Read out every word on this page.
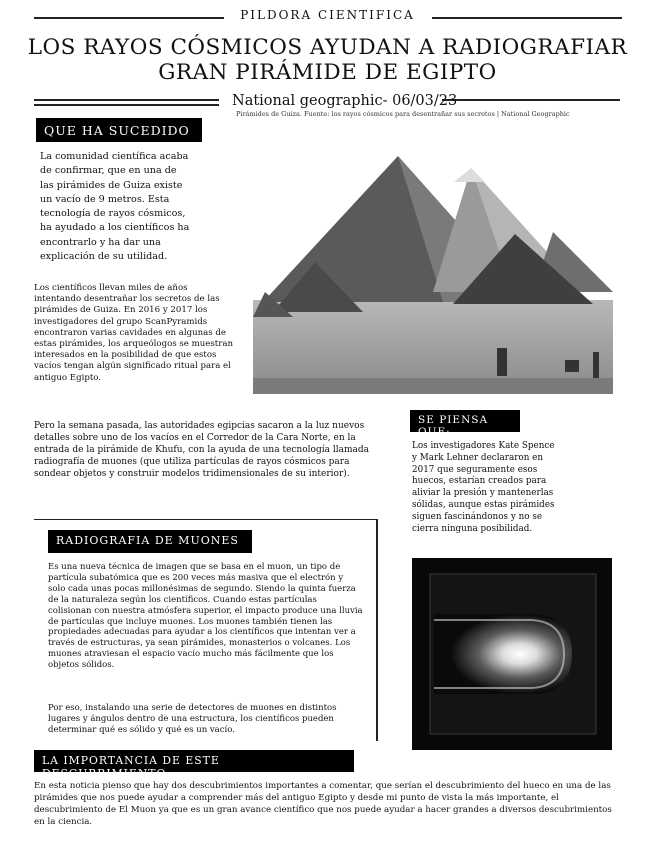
PILDORA CIENTIFICA
LOS RAYOS CÓSMICOS AYUDAN A RADIOGRAFIAR
GRAN PIRÁMIDE DE EGIPTO
National geographic- 06/03/23
Pirámides de Guiza. Fuente: los rayos cósmicos para desentrañar sus secretos | National Geographic
QUE HA SUCEDIDO
La comunidad científica acaba de confirmar, que en una de las pirámides de Guiza existe un vacío de 9 metros. Esta tecnología de rayos cósmicos, ha ayudado a los científicos ha encontrarlo y ha dar una explicación de su utilidad.
Los científicos llevan miles de años intentando desentrañar los secretos de las pirámides de Guiza. En 2016 y 2017 los investigadores del grupo ScanPyramids encontraron varias cavidades en algunas de estas pirámides, los arqueólogos se muestran interesados en la posibilidad de que estos vacíos tengan algún significado ritual para el antiguo Egipto.
Pero la semana pasada, las autoridades egipcias sacaron a la luz nuevos detalles sobre uno de los vacíos en el Corredor de la Cara Norte, en la entrada de la pirámide de Khufu, con la ayuda de una tecnología llamada radiografía de muones (que utiliza partículas de rayos cósmicos para sondear objetos y construir modelos tridimensionales de su interior).
SE PIENSA QUE:
Los investigadores Kate Spence y Mark Lehner declararon en 2017 que seguramente esos huecos, estarían creados para aliviar la presión y mantenerlas sólidas, aunque estas pirámides siguen fascinándonos y no se cierra ninguna posibilidad.
RADIOGRAFIA DE MUONES
Es una nueva técnica de imagen que se basa en el muon, un tipo de partícula subatómica que es 200 veces más masiva que el electrón y solo cada unas pocas millonésimas de segundo. Siendo la quinta fuerza de la naturaleza según los científicos. Cuando estas partículas colisionan con nuestra atmósfera superior, el impacto produce una lluvia de partículas que incluye muones. Los muones también tienen las propiedades adecuadas para ayudar a los científicos que intentan ver a través de estructuras, ya sean pirámides, monasterios o volcanes. Los muones atraviesan el espacio vacío mucho más fácilmente que los objetos sólidos.
Por eso, instalando una serie de detectores de muones en distintos lugares y ángulos dentro de una estructura, los científicos pueden determinar qué es sólido y qué es un vacío.
LA IMPORTANCIA DE ESTE DESCUBRIMIENTO
En esta noticia pienso que hay dos descubrimientos importantes a comentar, que serían el descubrimiento del hueco en una de las pirámides que nos puede ayudar a comprender más del antiguo Egipto y desde mi punto de vista la más importante, el descubrimiento de El Muon ya que es un gran avance científico que nos puede ayudar a hacer grandes a diversos descubrimientos en la ciencia.
